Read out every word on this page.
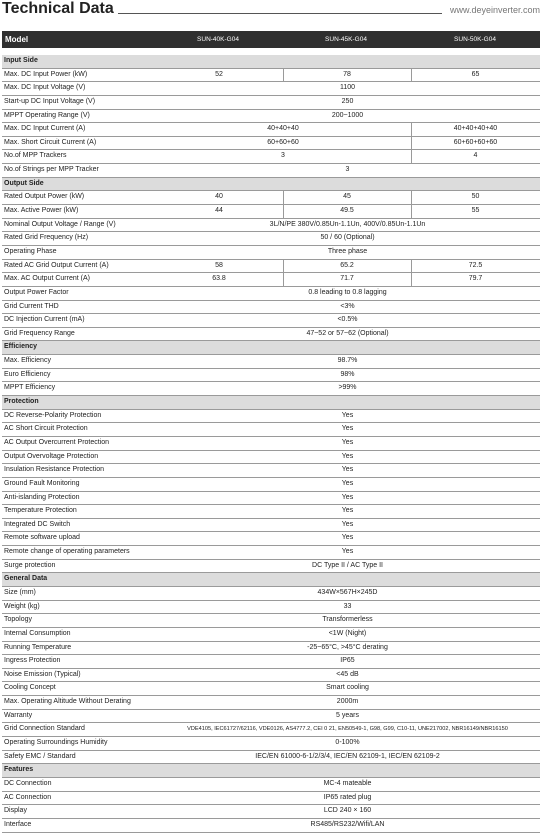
Technical Data	www.deyeinverter.com
Model	SUN-40K-G04	SUN-45K-G04	SUN-50K-G04
Input Side
Max. DC Input Power (kW)	52	78	65
Max. DC Input Voltage (V)	1100
Start-up DC Input Voltage (V)	250
MPPT Operating Range (V)	200~1000
Max. DC Input Current (A)	40+40+40	40+40+40+40
Max. Short Circuit Current (A)	60+60+60	60+60+60+60
No.of MPP Trackers	3	4
No.of Strings per MPP Tracker	3
Output Side
Rated Output Power (kW)	40	45	50
Max. Active Power (kW)	44	49.5	55
Nominal Output Voltage / Range (V)	3L/N/PE 380V/0.85Un-1.1Un, 400V/0.85Un-1.1Un
Rated Grid Frequency (Hz)	50 / 60 (Optional)
Operating Phase	Three phase
Rated AC Grid Output Current (A)	58	65.2	72.5
Max. AC Output Current (A)	63.8	71.7	79.7
Output Power Factor	0.8 leading to 0.8 lagging
Grid Current THD	<3%
DC Injection Current (mA)	<0.5%
Grid Frequency Range	47~52 or 57~62 (Optional)
Efficiency
Max. Efficiency	98.7%
Euro Efficiency	98%
MPPT Efficiency	>99%
Protection
DC Reverse-Polarity Protection	Yes
AC Short Circuit Protection	Yes
AC Output Overcurrent Protection	Yes
Output Overvoltage Protection	Yes
Insulation Resistance Protection	Yes
Ground Fault Monitoring	Yes
Anti-islanding Protection	Yes
Temperature Protection	Yes
Integrated DC Switch	Yes
Remote software upload	Yes
Remote change of operating parameters	Yes
Surge protection	DC Type II / AC Type II
General Data
Size (mm)	434W×567H×245D
Weight (kg)	33
Topology	Transformerless
Internal Consumption	<1W (Night)
Running Temperature	-25~65°C, >45°C derating
Ingress Protection	IP65
Noise Emission (Typical)	<45 dB
Cooling Concept	Smart cooling
Max. Operating Altitude Without Derating	2000m
Warranty	5 years
Grid Connection Standard	VDE4105, IEC61727/62116, VDE0126, AS4777.2, CEI 0 21, EN50549-1, G98, G99, C10-11, UNE217002, NBR16149/NBR16150
Operating Surroundings Humidity	0-100%
Safety EMC / Standard	IEC/EN 61000-6-1/2/3/4, IEC/EN 62109-1, IEC/EN 62109-2
Features
DC Connection	MC-4 mateable
AC Connection	IP65 rated plug
Display	LCD 240 × 160
Interface	RS485/RS232/Wifi/LAN
